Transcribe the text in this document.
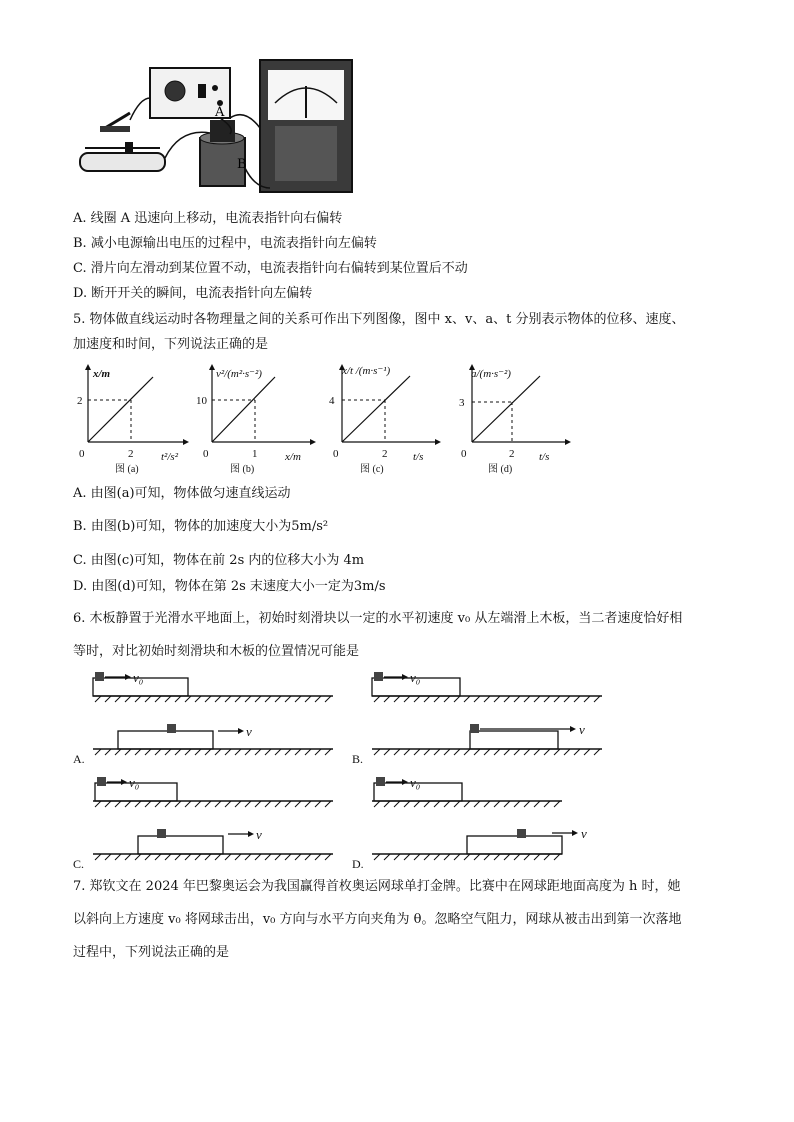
A
B
A. 线圈 A 迅速向上移动，电流表指针向右偏转
B. 减小电源输出电压的过程中，电流表指针向左偏转
C. 滑片向左滑动到某位置不动，电流表指针向右偏转到某位置后不动
D. 断开开关的瞬间，电流表指针向左偏转
5. 物体做直线运动时各物理量之间的关系可作出下列图像，图中 x、v、a、t 分别表示物体的位移、速度、
加速度和时间，下列说法正确的是
x/m
2
0	2	t²/s²
图 (a)
v²/(m²·s⁻²)
10
0	1	x/m
图 (b)
x/t /(m·s⁻¹)
4
0	2 t/s
图 (c)
a/(m·s⁻²)
3
0	2 t/s
图 (d)
A. 由图(a)可知，物体做匀速直线运动
B. 由图(b)可知，物体的加速度大小为5m/s²
C. 由图(c)可知，物体在前 2s 内的位移大小为 4m
D. 由图(d)可知，物体在第 2s 末速度大小一定为3m/s
6. 木板静置于光滑水平地面上，初始时刻滑块以一定的水平初速度 v₀ 从左端滑上木板，当二者速度恰好相
等时，对比初始时刻滑块和木板的位置情况可能是
v₀
v
A.
v₀
v
B.
v₀
v
C.
v₀
v
D.
7. 郑钦文在 2024 年巴黎奥运会为我国赢得首枚奥运网球单打金牌。比赛中在网球距地面高度为 h 时，她
以斜向上方速度 v₀ 将网球击出，v₀ 方向与水平方向夹角为 θ。忽略空气阻力，网球从被击出到第一次落地
过程中，下列说法正确的是
